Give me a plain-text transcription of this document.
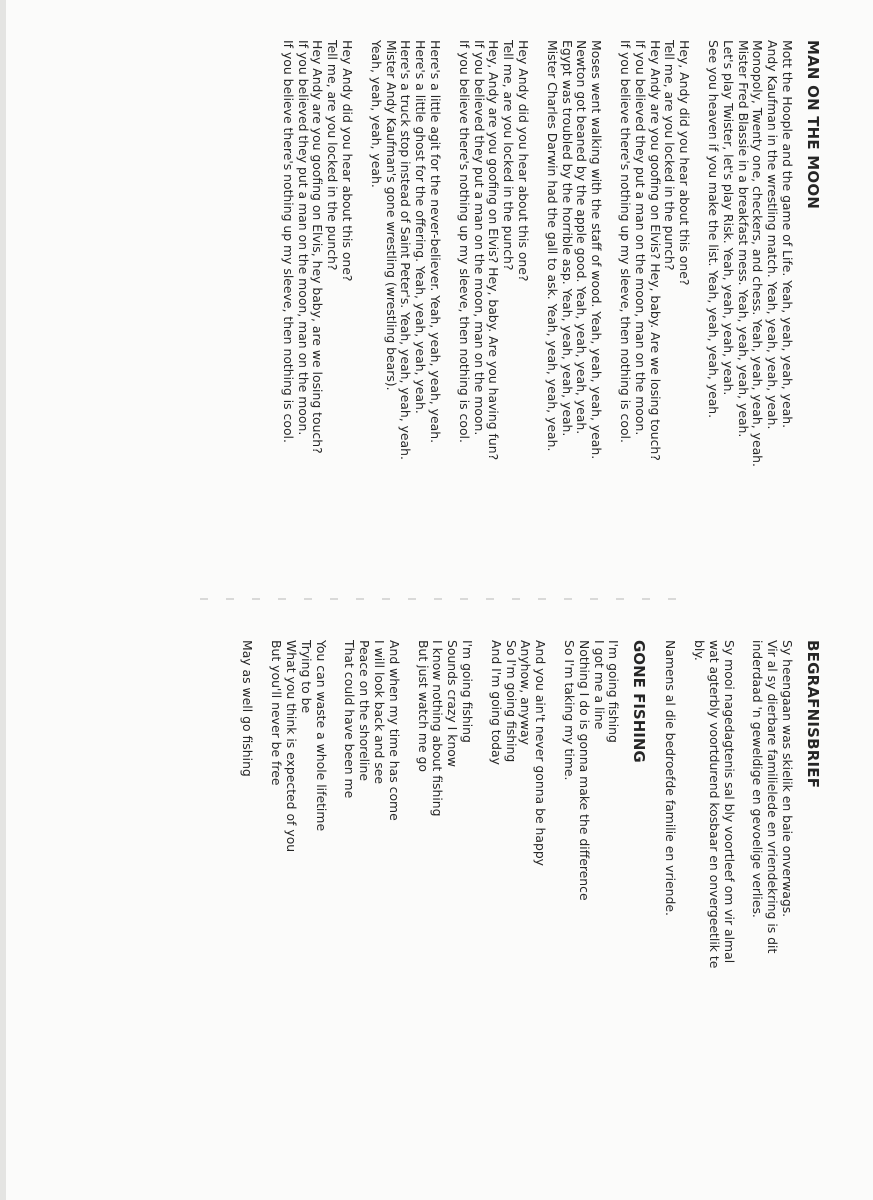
MAN ON THE MOON
Mott the Hoople and the game of Life. Yeah, yeah, yeah, yeah.
Andy Kaufman in the wrestling match. Yeah, yeah, yeah, yeah.
Monopoly, Twenty one, checkers, and chess. Yeah, yeah, yeah, yeah.
Mister Fred Blassie in a breakfast mess. Yeah, yeah, yeah, yeah.
Let's play Twister, let's play Risk. Yeah, yeah, yeah, yeah.
See you heaven if you make the list. Yeah, yeah, yeah, yeah.
Hey, Andy did you hear about this one?
Tell me, are you locked in the punch?
Hey Andy are you goofing on Elvis? Hey, baby. Are we losing touch?
If you believed they put a man on the moon, man on the moon.
If you believe there's nothing up my sleeve, then nothing is cool.
Moses went walking with the staff of wood. Yeah, yeah, yeah, yeah.
Newton got beaned by the apple good. Yeah, yeah, yeah, yeah.
Egypt was troubled by the horrible asp. Yeah, yeah, yeah, yeah.
Mister Charles Darwin had the gall to ask. Yeah, yeah, yeah, yeah.
Hey Andy did you hear about this one?
Tell me, are you locked in the punch?
Hey, Andy are you goofing on Elvis? Hey, baby. Are you having fun?
If you believed they put a man on the moon, man on the moon.
If you believe there's nothing up my sleeve, then nothing is cool.
Here's a little agit for the never-believer. Yeah, yeah, yeah, yeah.
Here's a little ghost for the offering. Yeah, yeah, yeah, yeah.
Here's a truck stop instead of Saint Peter's. Yeah, yeah, yeah, yeah.
Mister Andy Kaufman's gone wrestling (wrestling bears).
Yeah, yeah, yeah, yeah.
Hey Andy did you hear about this one?
Tell me, are you locked in the punch?
Hey Andy are you goofing on Elvis, hey baby, are we losing touch?
If you believed they put a man on the moon, man on the moon.
If you believe there's nothing up my sleeve, then nothing is cool.
BEGRAFNISBRIEF
Sy heengaan was skielik en baie onverwags.
Vir al sy dierbare familielede en vriendekring is dit
inderdaad 'n geweldige en gevoelige verlies.
Sy mooi nagedagtenis sal bly voortleef om vir almal
wat agterbly voortdurend kosbaar en onvergeetlik te
bly.
Namens al die bedroefde familie en vriende.
GONE FISHING
I'm going fishing
I got me a line
Nothing I do is gonna make the difference
So I'm taking my time.
And you ain't never gonna be happy
Anyhow, anyway
So I'm going fishing
And I'm going today
I'm going fishing
Sounds crazy I know
I know nothing about fishing
But just watch me go
And when my time has come
I will look back and see
Peace on the shoreline
That could have been me
You can waste a whole lifetime
Trying to be
What you think is expected of you
But you'll never be free
May as well go fishing
